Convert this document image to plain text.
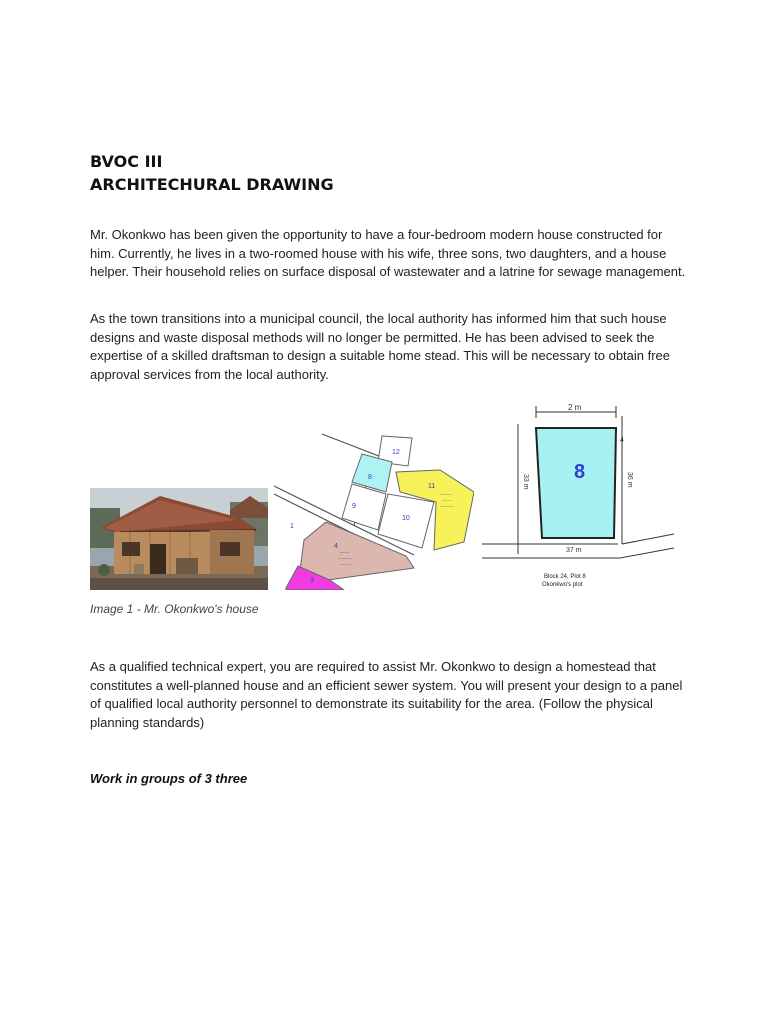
BVOC III
ARCHITECHURAL DRAWING

Mr. Okonkwo has been given the opportunity to have a four-bedroom modern house constructed for him. Currently, he lives in a two-roomed house with his wife, three sons, two daughters, and a house helper. Their household relies on surface disposal of wastewater and a latrine for sewage management.

As the town transitions into a municipal council, the local authority has informed him that such house designs and waste disposal methods will no longer be permitted. He has been advised to seek the expertise of a skilled draftsman to design a suitable home stead. This will be necessary to obtain free approval services from the local authority.

~~~~~
~~~~
~~~~~~
~~~~
~~~~~~
~~~~~
12
8
9
10
11
1
4
3
2 m
8
33 m	36 m
4
37 m
Block 24, Plot 8
Okonkwo's plot

Image 1 - Mr. Okonkwo's house

As a qualified technical expert, you are required to assist Mr. Okonkwo to design a homestead that constitutes a well-planned house and an efficient sewer system. You will present your design to a panel of qualified local authority personnel to demonstrate its suitability for the area. (Follow the physical planning standards)

Work in groups of 3 three
